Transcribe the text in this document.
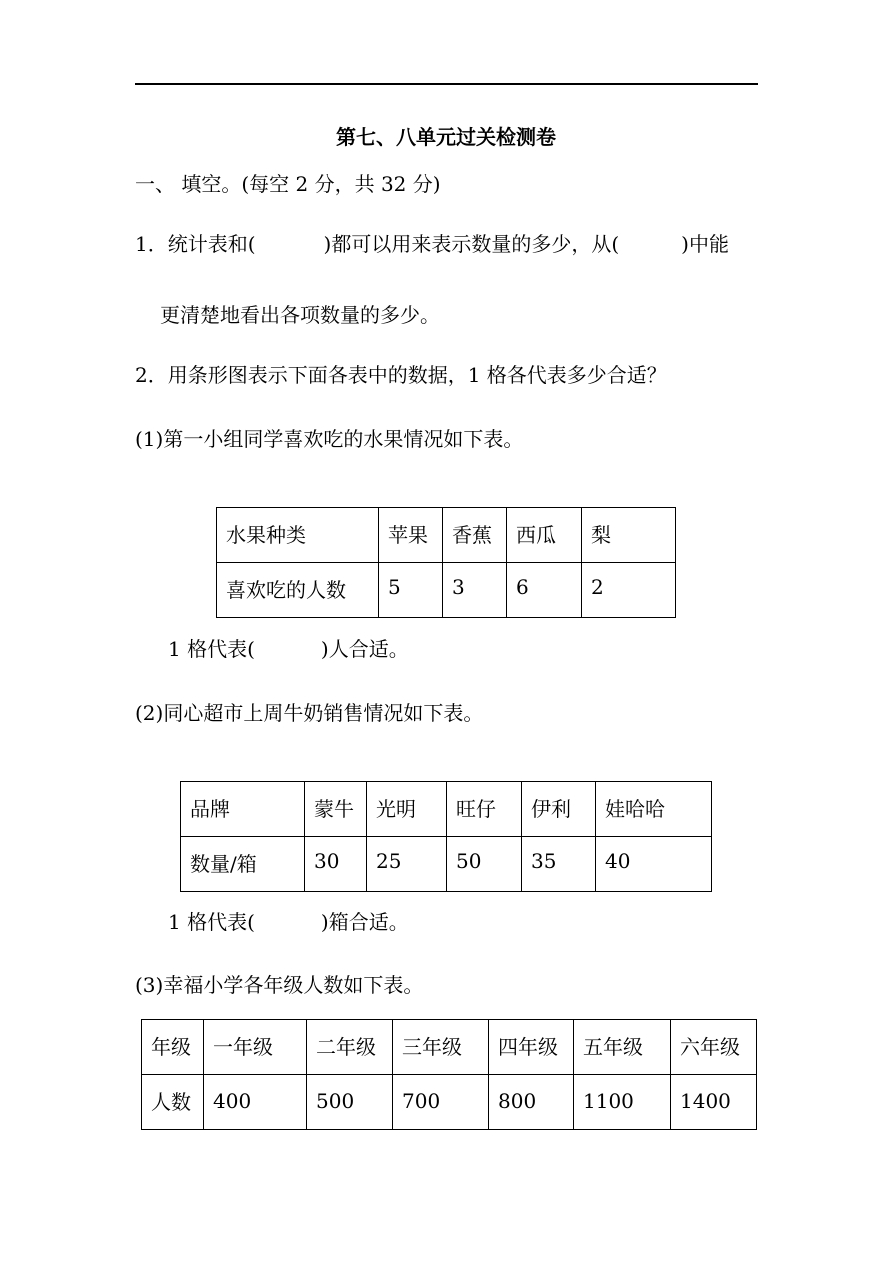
第七、八单元过关检测卷
一、 填空。(每空 2 分，共 32 分)
1．统计表和(	)都可以用来表示数量的多少，从(	)中能
更清楚地看出各项数量的多少。
2．用条形图表示下面各表中的数据，1 格各代表多少合适？
(1)第一小组同学喜欢吃的水果情况如下表。
水果种类	苹果	香蕉	西瓜	梨
喜欢吃的人数	5	3	6	2
1 格代表(	)人合适。
(2)同心超市上周牛奶销售情况如下表。
品牌	蒙牛	光明	旺仔	伊利	娃哈哈
数量/箱	30	25	50	35	40
1 格代表(	)箱合适。
(3)幸福小学各年级人数如下表。
年级	一年级	二年级	三年级	四年级	五年级	六年级
人数	400	500	700	800	1100	1400
